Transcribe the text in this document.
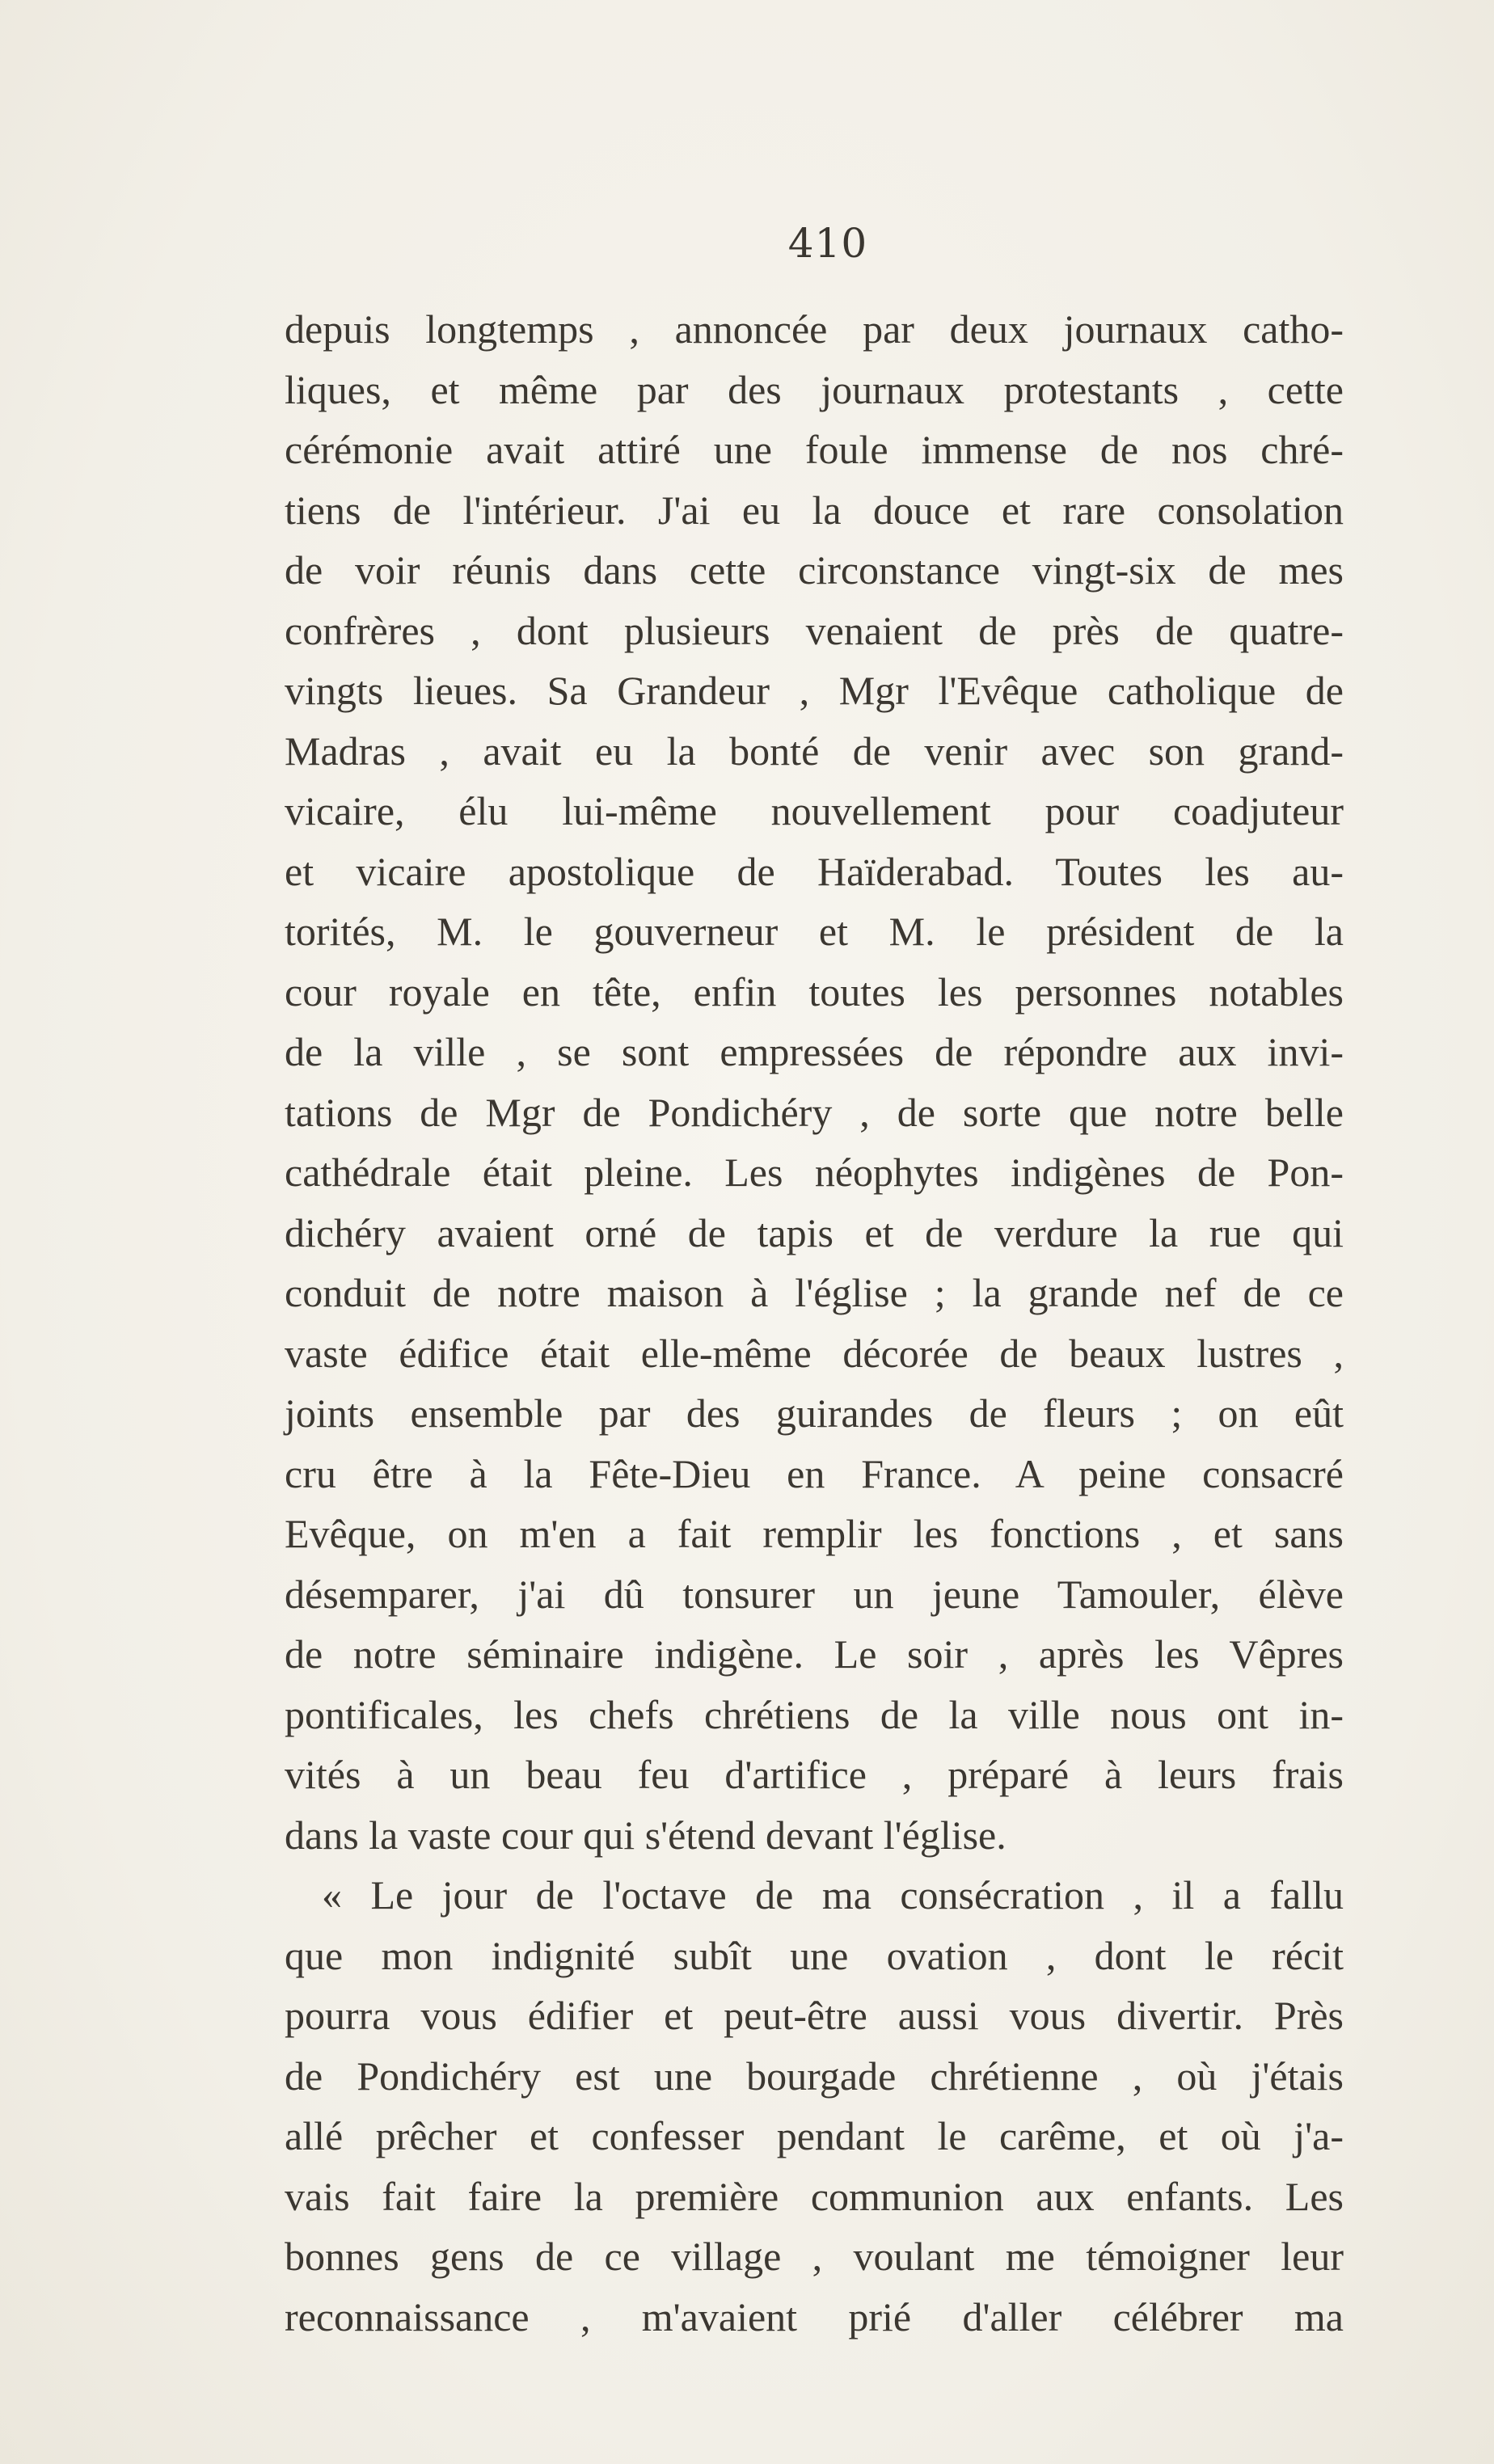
410
depuis longtemps , annoncée par deux journaux catho-
liques, et même par des journaux protestants , cette
cérémonie avait attiré une foule immense de nos chré-
tiens de l'intérieur. J'ai eu la douce et rare consolation
de voir réunis dans cette circonstance vingt-six de mes
confrères , dont plusieurs venaient de près de quatre-
vingts lieues. Sa Grandeur , Mgr l'Evêque catholique de
Madras , avait eu la bonté de venir avec son grand-
vicaire, élu lui-même nouvellement pour coadjuteur
et vicaire apostolique de Haïderabad. Toutes les au-
torités, M. le gouverneur et M. le président de la
cour royale en tête, enfin toutes les personnes notables
de la ville , se sont empressées de répondre aux invi-
tations de Mgr de Pondichéry , de sorte que notre belle
cathédrale était pleine. Les néophytes indigènes de Pon-
dichéry avaient orné de tapis et de verdure la rue qui
conduit de notre maison à l'église ; la grande nef de ce
vaste édifice était elle-même décorée de beaux lustres ,
joints ensemble par des guirandes de fleurs ; on eût
cru être à la Fête-Dieu en France. A peine consacré
Evêque, on m'en a fait remplir les fonctions , et sans
désemparer, j'ai dû tonsurer un jeune Tamouler, élève
de notre séminaire indigène. Le soir , après les Vêpres
pontificales, les chefs chrétiens de la ville nous ont in-
vités à un beau feu d'artifice , préparé à leurs frais
dans la vaste cour qui s'étend devant l'église.
« Le jour de l'octave de ma consécration , il a fallu
que mon indignité subît une ovation , dont le récit
pourra vous édifier et peut-être aussi vous divertir. Près
de Pondichéry est une bourgade chrétienne , où j'étais
allé prêcher et confesser pendant le carême, et où j'a-
vais fait faire la première communion aux enfants. Les
bonnes gens de ce village , voulant me témoigner leur
reconnaissance , m'avaient prié d'aller célébrer ma
